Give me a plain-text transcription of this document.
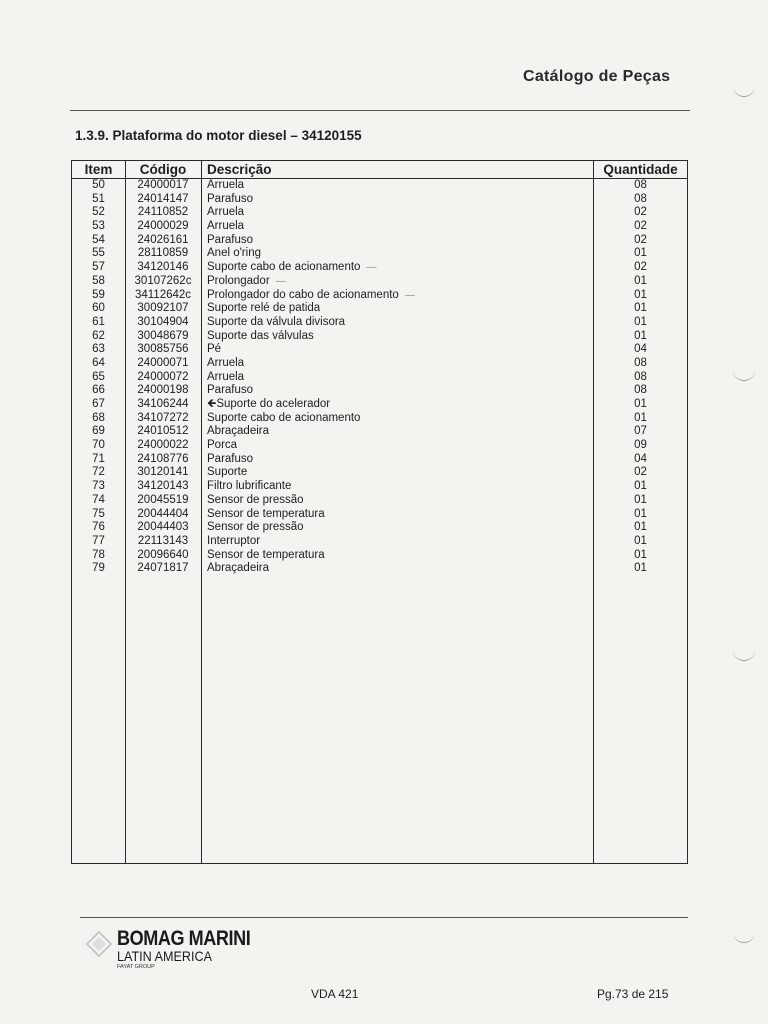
Catálogo de Peças
1.3.9. Plataforma do motor diesel – 34120155
Item	Código	Descrição	Quantidade
50	24000017	Arruela	08
51	24014147	Parafuso	08
52	24110852	Arruela	02
53	24000029	Arruela	02
54	24026161	Parafuso	02
55	28110859	Anel o'ring	01
57	34120146	Suporte cabo de acionamento —	02
58	30107262c	Prolongador —	01
59	34112642c	Prolongador do cabo de acionamento —	01
60	30092107	Suporte relé de patida	01
61	30104904	Suporte da válvula divisora	01
62	30048679	Suporte das válvulas	01
63	30085756	Pé	04
64	24000071	Arruela	08
65	24000072	Arruela	08
66	24000198	Parafuso	08
67	34106244	🡸Suporte do acelerador	01
68	34107272	Suporte cabo de acionamento	01
69	24010512	Abraçadeira	07
70	24000022	Porca	09
71	24108776	Parafuso	04
72	30120141	Suporte	02
73	34120143	Filtro lubrificante	01
74	20045519	Sensor de pressão	01
75	20044404	Sensor de temperatura	01
76	20044403	Sensor de pressão	01
77	22113143	Interruptor	01
78	20096640	Sensor de temperatura	01
79	24071817	Abraçadeira	01
BOMAG MARINI
LATIN AMERICA
FAYAT GROUP
VDA 421	Pg.73 de 215
